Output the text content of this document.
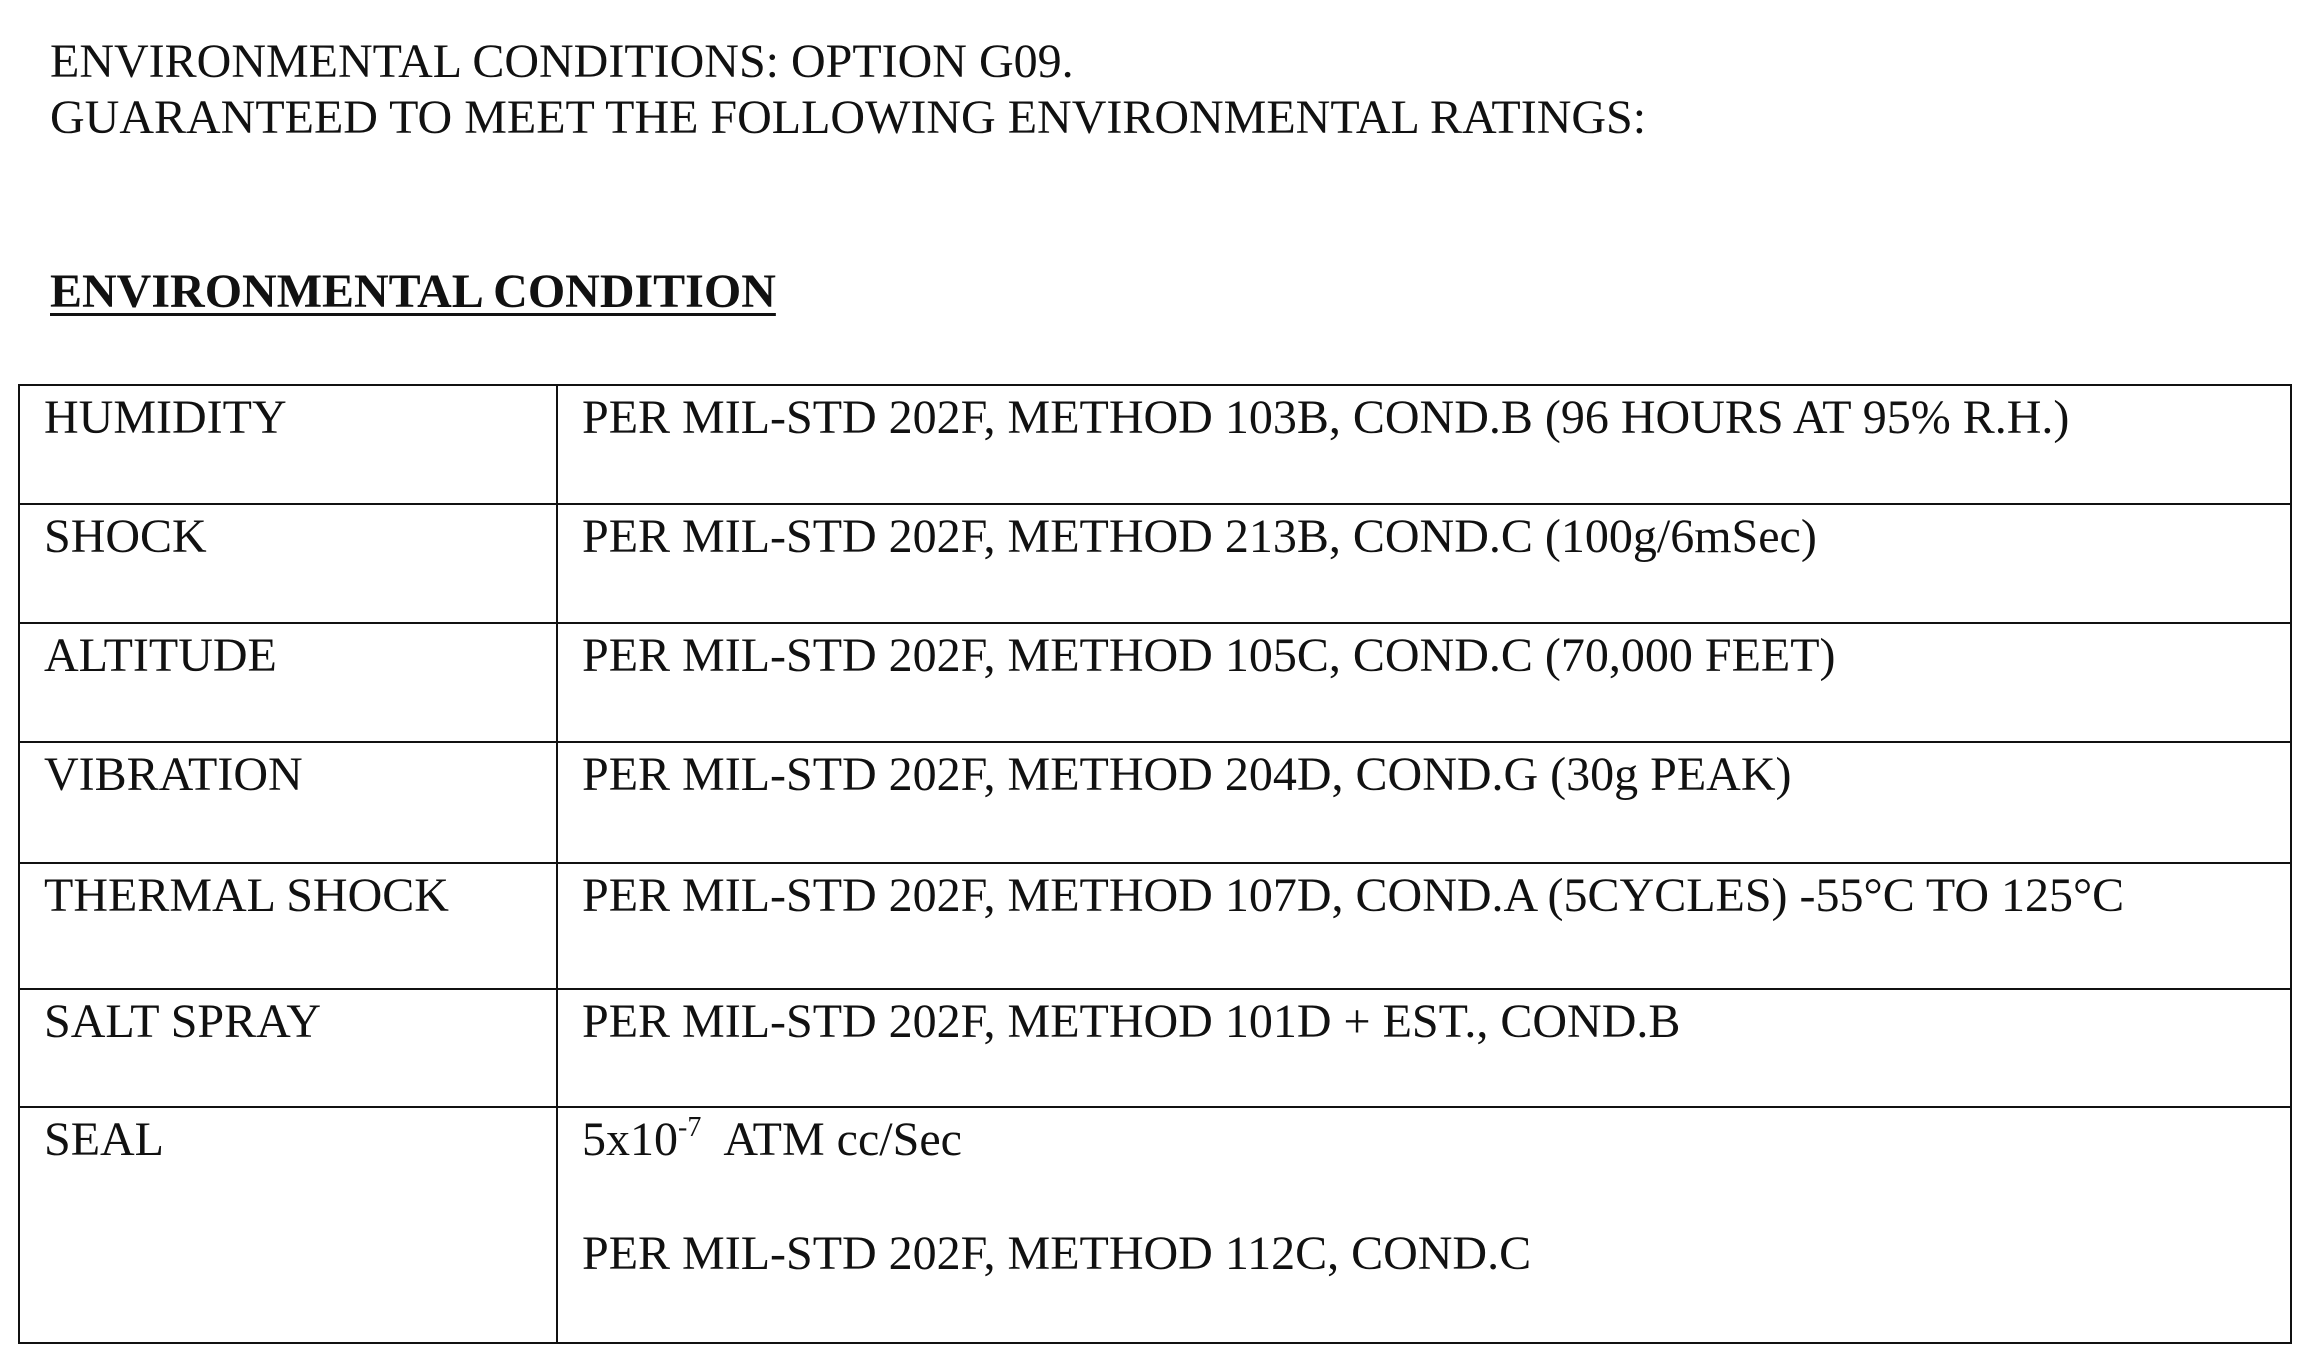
ENVIRONMENTAL CONDITIONS: OPTION G09.
GUARANTEED TO MEET THE FOLLOWING ENVIRONMENTAL RATINGS:
ENVIRONMENTAL CONDITION
HUMIDITY	PER MIL-STD 202F, METHOD 103B, COND.B (96 HOURS AT 95% R.H.)

SHOCK	PER MIL-STD 202F, METHOD 213B, COND.C (100g/6mSec)

ALTITUDE	PER MIL-STD 202F, METHOD 105C, COND.C (70,000 FEET)

VIBRATION	PER MIL-STD 202F, METHOD 204D, COND.G (30g PEAK)

THERMAL SHOCK	PER MIL-STD 202F, METHOD 107D, COND.A (5CYCLES) -55°C TO 125°C

SALT SPRAY	PER MIL-STD 202F, METHOD 101D + EST., COND.B

SEAL	$5x10^{-7}$ ATM cc/Sec
PER MIL-STD 202F, METHOD 112C, COND.C
